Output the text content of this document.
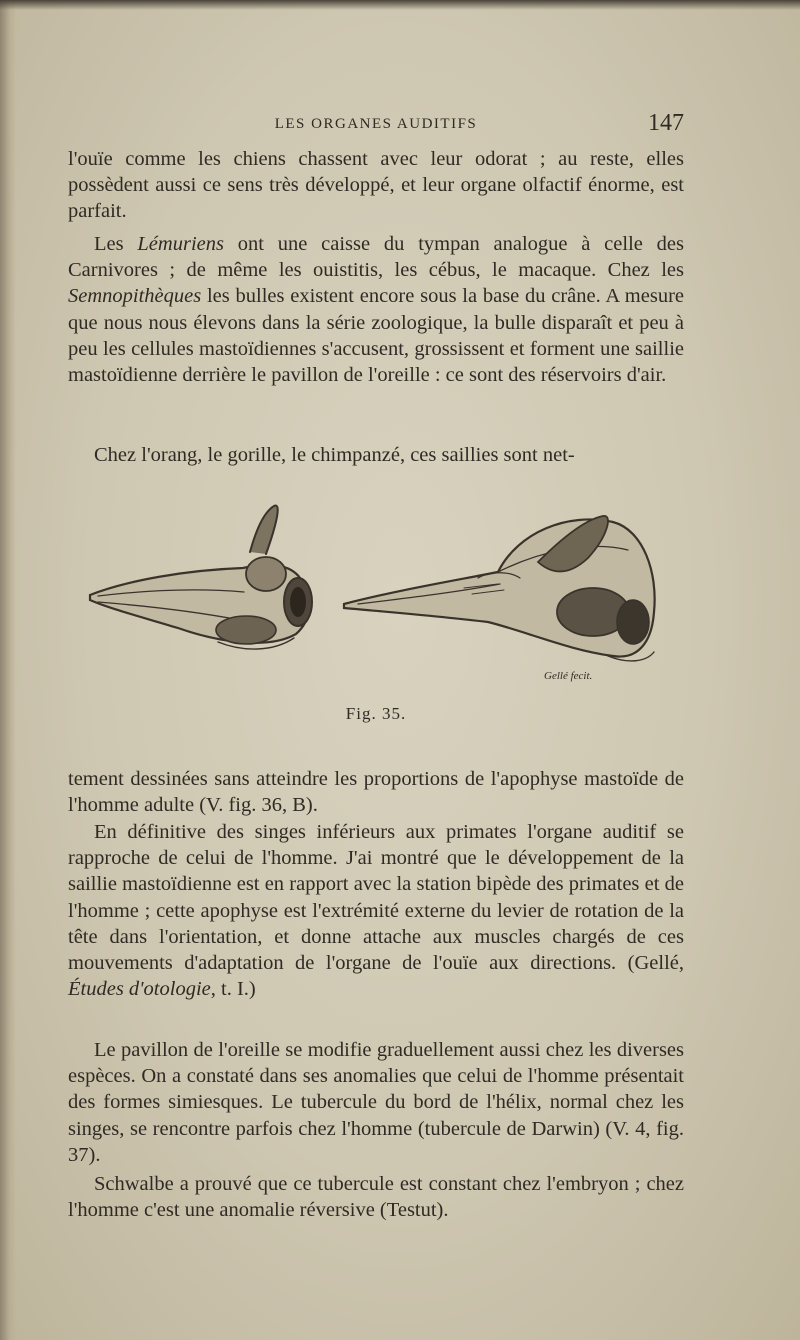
LES ORGANES AUDITIFS	147

l'ouïe comme les chiens chassent avec leur odorat ; au reste, elles possèdent aussi ce sens très développé, et leur organe olfactif énorme, est parfait.

Les Lémuriens ont une caisse du tympan analogue à celle des Carnivores ; de même les ouistitis, les cébus, le macaque. Chez les Semnopithèques les bulles existent encore sous la base du crâne. A mesure que nous nous élevons dans la série zoologique, la bulle disparaît et peu à peu les cellules mastoïdiennes s'accusent, grossissent et forment une saillie mastoïdienne derrière le pavillon de l'oreille : ce sont des réservoirs d'air.

Chez l'orang, le gorille, le chimpanzé, ces saillies sont net-

Gellé fecit.
Fig. 35.

tement dessinées sans atteindre les proportions de l'apophyse mastoïde de l'homme adulte (V. fig. 36, B).

En définitive des singes inférieurs aux primates l'organe auditif se rapproche de celui de l'homme. J'ai montré que le développement de la saillie mastoïdienne est en rapport avec la station bipède des primates et de l'homme ; cette apophyse est l'extrémité externe du levier de rotation de la tête dans l'orientation, et donne attache aux muscles chargés de ces mouvements d'adaptation de l'organe de l'ouïe aux directions. (Gellé, Études d'otologie, t. I.)

Le pavillon de l'oreille se modifie graduellement aussi chez les diverses espèces. On a constaté dans ses anomalies que celui de l'homme présentait des formes simiesques. Le tubercule du bord de l'hélix, normal chez les singes, se rencontre parfois chez l'homme (tubercule de Darwin) (V. 4, fig. 37).

Schwalbe a prouvé que ce tubercule est constant chez l'embryon ; chez l'homme c'est une anomalie réversive (Testut).
